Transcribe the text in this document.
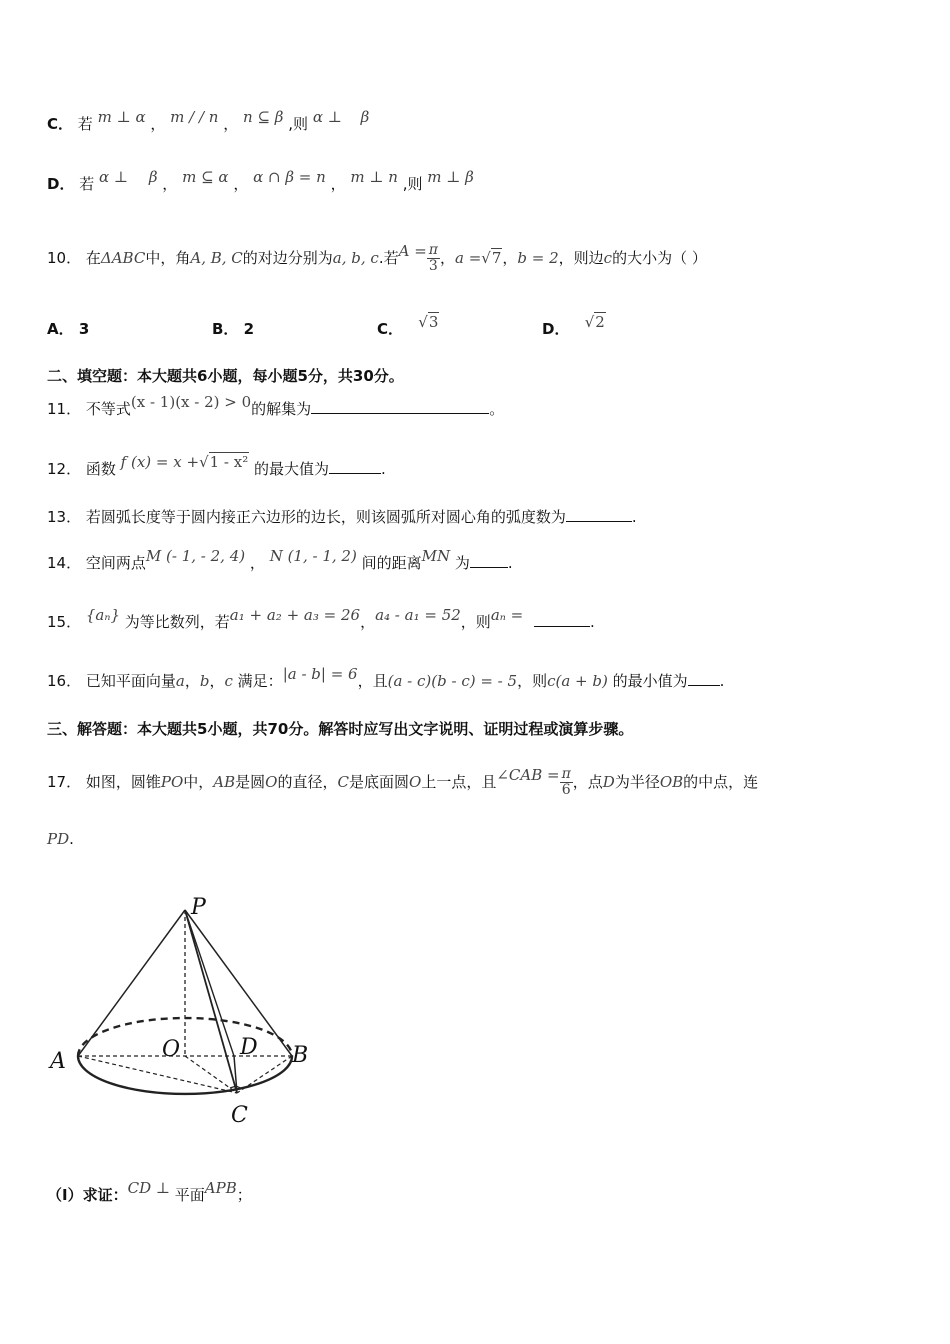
C． 若 m ⊥ α ， m / / n ， n ⊆ β ,则 α ⊥ β
D． 若 α ⊥ β ， m ⊆ α ， α ∩ β = n ， m ⊥ n ,则 m ⊥ β
10． 在ΔABC中，角A, B, C的对边分别为a, b, c.若$A = \frac{\pi}{3}$ ，a =√7，b = 2，则边c的大小为（ ）
A． 3	B． 2	C． √3	D． √2
二、填空题：本大题共6小题，每小题5分，共30分。
11． 不等式(x - 1)(x - 2) > 0的解集为	。
12． 函数 f (x) = x +√1 - x² 的最大值为	.
13． 若圆弧长度等于圆内接正六边形的边长，则该圆弧所对圆心角的弧度数为	.
14． 空间两点M (- 1, - 2, 4) ， N (1, - 1, 2) 间的距离MN 为	.
15． {aₙ} 为等比数列，若a₁ + a₂ + a₃ = 26，a₄ - a₁ = 52，则aₙ =	.
16． 已知平面向量a，b，c 满足：|a - b| = 6，且(a - c)(b - c) = - 5，则c(a + b) 的最小值为 .
三、解答题：本大题共5小题，共70分。解答时应写出文字说明、证明过程或演算步骤。
17． 如图，圆锥PO中，AB是圆O的直径，C是底面圆O上一点，且∠CAB = $\frac{\pi}{6}$ ，点D为半径OB的中点，连
PD.
P
A	O	D B
C
（Ⅰ）求证：CD ⊥ 平面APB；
